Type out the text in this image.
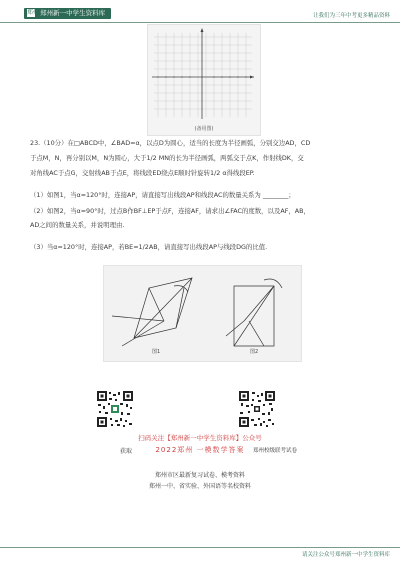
郑州 郑州新一中学生资料库	让我们为三年中考更多精品资料
(备用图)
23.（10分）在□ABCD中，∠BAD=α，以点D为圆心，适当的长度为半径画弧，分别交边AD，CD
于点M，N，再分别以M，N为圆心，大于1/2 MN的长为半径画弧，两弧交于点K，作射线DK，交
对角线AC于点G，交射线AB于点E，将线段ED绕点E顺时针旋转1/2 α得线段EP.
（1）如图1，当α=120°时，连接AP，请直接写出线段AP和线段AC的数量关系为 ________；
（2）如图2，当α=90°时，过点B作BF⊥EP于点F，连接AF，请求出∠FAC的度数，以及AF，AB，
AD之间的数量关系，并说明理由.
（3）当α=120°时，连接AP，若BE=1/2AB，请直接写出线段AP与线段DG的比值.
图1	图2
扫码关注【郑州新一中学生资料库】公众号
获取	2022郑州 一模数学答案	郑州校级联考试卷
郑州市区最新复习试卷、模考资料
郑州一中、省实验、外国语等名校资料
请关注公众号郑州新一中学生资料库
